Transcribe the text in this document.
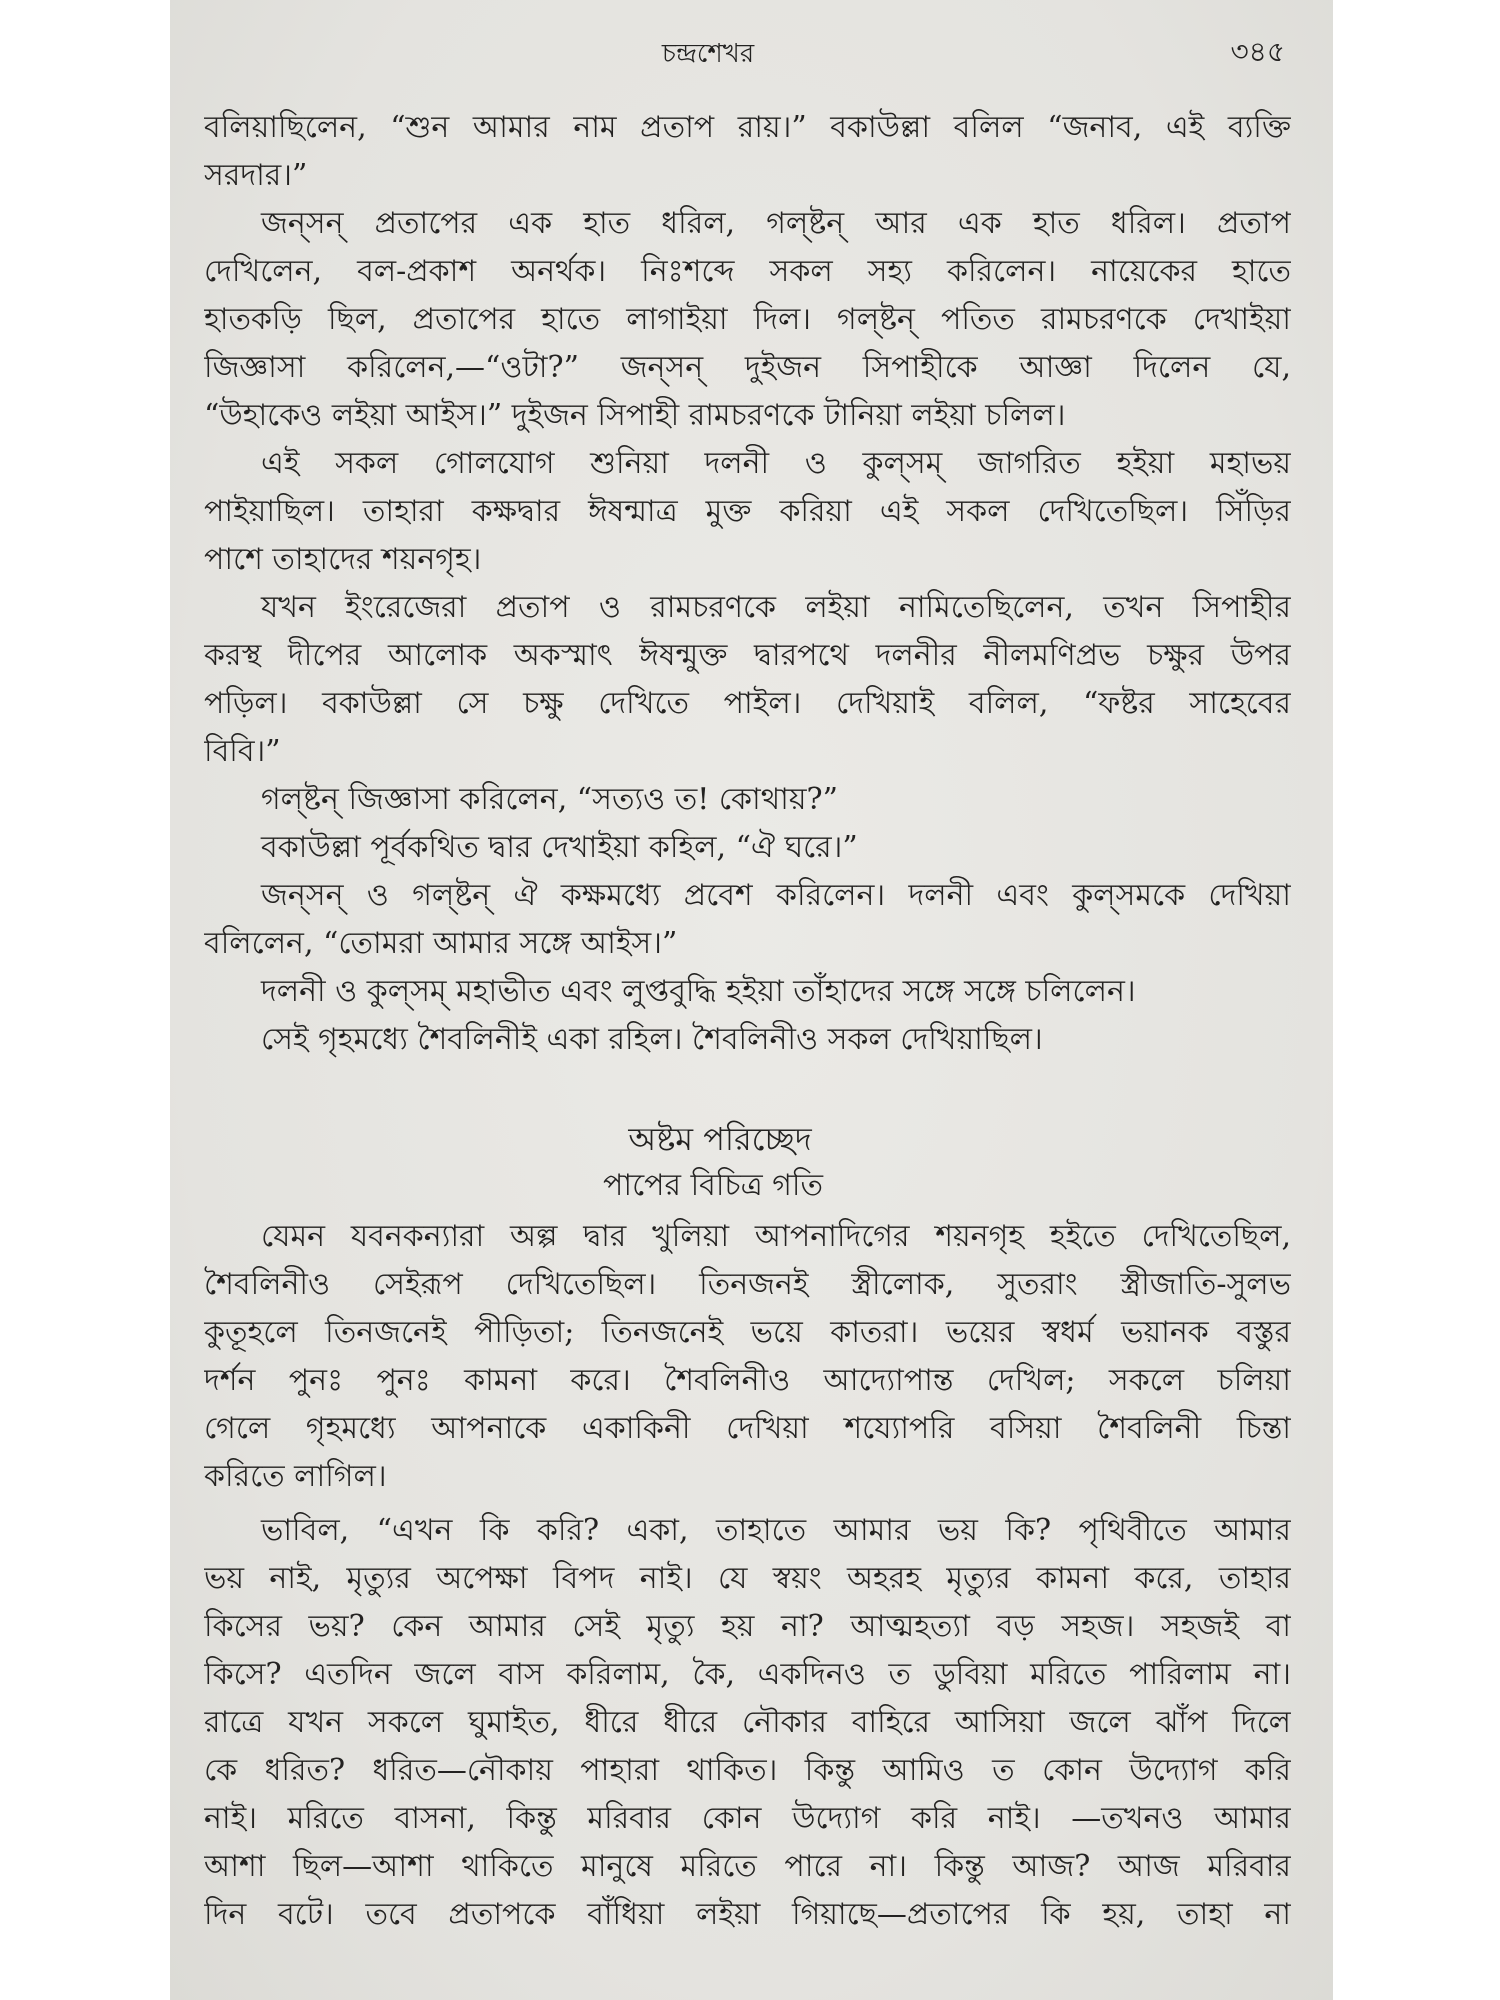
চন্দ্রশেখর	৩৪৫
বলিয়াছিলেন, “শুন আমার নাম প্রতাপ রায়।” বকাউল্লা বলিল “জনাব, এই ব্যক্তি
সরদার।”
জন্‌সন্ প্রতাপের এক হাত ধরিল, গল্‌ষ্টন্ আর এক হাত ধরিল। প্রতাপ
দেখিলেন, বল-প্রকাশ অনর্থক। নিঃশব্দে সকল সহ্য করিলেন। নায়েকের হাতে
হাতকড়ি ছিল, প্রতাপের হাতে লাগাইয়া দিল। গল্‌ষ্টন্ পতিত রামচরণকে দেখাইয়া
জিজ্ঞাসা করিলেন,—“ওটা?” জন্‌সন্ দুইজন সিপাহীকে আজ্ঞা দিলেন যে,
“উহাকেও লইয়া আইস।” দুইজন সিপাহী রামচরণকে টানিয়া লইয়া চলিল।
এই সকল গোলযোগ শুনিয়া দলনী ও কুল্‌সম্ জাগরিত হইয়া মহাভয়
পাইয়াছিল। তাহারা কক্ষদ্বার ঈষন্মাত্র মুক্ত করিয়া এই সকল দেখিতেছিল। সিঁড়ির
পাশে তাহাদের শয়নগৃহ।
যখন ইংরেজেরা প্রতাপ ও রামচরণকে লইয়া নামিতেছিলেন, তখন সিপাহীর
করস্থ দীপের আলোক অকস্মাৎ ঈষন্মুক্ত দ্বারপথে দলনীর নীলমণিপ্রভ চক্ষুর উপর
পড়িল। বকাউল্লা সে চক্ষু দেখিতে পাইল। দেখিয়াই বলিল, “ফষ্টর সাহেবের
বিবি।”
গল্‌ষ্টন্ জিজ্ঞাসা করিলেন, “সত্যও ত! কোথায়?”
বকাউল্লা পূর্বকথিত দ্বার দেখাইয়া কহিল, “ঐ ঘরে।”
জন্‌সন্ ও গল্‌ষ্টন্ ঐ কক্ষমধ্যে প্রবেশ করিলেন। দলনী এবং কুল্‌সমকে দেখিয়া
বলিলেন, “তোমরা আমার সঙ্গে আইস।”
দলনী ও কুল্‌সম্ মহাভীত এবং লুপ্তবুদ্ধি হইয়া তাঁহাদের সঙ্গে সঙ্গে চলিলেন।
সেই গৃহমধ্যে শৈবলিনীই একা রহিল। শৈবলিনীও সকল দেখিয়াছিল।
অষ্টম পরিচ্ছেদ
পাপের বিচিত্র গতি
যেমন যবনকন্যারা অল্প দ্বার খুলিয়া আপনাদিগের শয়নগৃহ হইতে দেখিতেছিল,
শৈবলিনীও সেইরূপ দেখিতেছিল। তিনজনই স্ত্রীলোক, সুতরাং স্ত্রীজাতি-সুলভ
কুতূহলে তিনজনেই পীড়িতা; তিনজনেই ভয়ে কাতরা। ভয়ের স্বধর্ম ভয়ানক বস্তুর
দর্শন পুনঃ পুনঃ কামনা করে। শৈবলিনীও আদ্যোপান্ত দেখিল; সকলে চলিয়া
গেলে গৃহমধ্যে আপনাকে একাকিনী দেখিয়া শয্যোপরি বসিয়া শৈবলিনী চিন্তা
করিতে লাগিল।
ভাবিল, “এখন কি করি? একা, তাহাতে আমার ভয় কি? পৃথিবীতে আমার
ভয় নাই, মৃত্যুর অপেক্ষা বিপদ নাই। যে স্বয়ং অহরহ মৃত্যুর কামনা করে, তাহার
কিসের ভয়? কেন আমার সেই মৃত্যু হয় না? আত্মহত্যা বড় সহজ। সহজই বা
কিসে? এতদিন জলে বাস করিলাম, কৈ, একদিনও ত ডুবিয়া মরিতে পারিলাম না।
রাত্রে যখন সকলে ঘুমাইত, ধীরে ধীরে নৌকার বাহিরে আসিয়া জলে ঝাঁপ দিলে
কে ধরিত? ধরিত—নৌকায় পাহারা থাকিত। কিন্তু আমিও ত কোন উদ্যোগ করি
নাই। মরিতে বাসনা, কিন্তু মরিবার কোন উদ্যোগ করি নাই। —তখনও আমার
আশা ছিল—আশা থাকিতে মানুষে মরিতে পারে না। কিন্তু আজ? আজ মরিবার
দিন বটে। তবে প্রতাপকে বাঁধিয়া লইয়া গিয়াছে—প্রতাপের কি হয়, তাহা না
